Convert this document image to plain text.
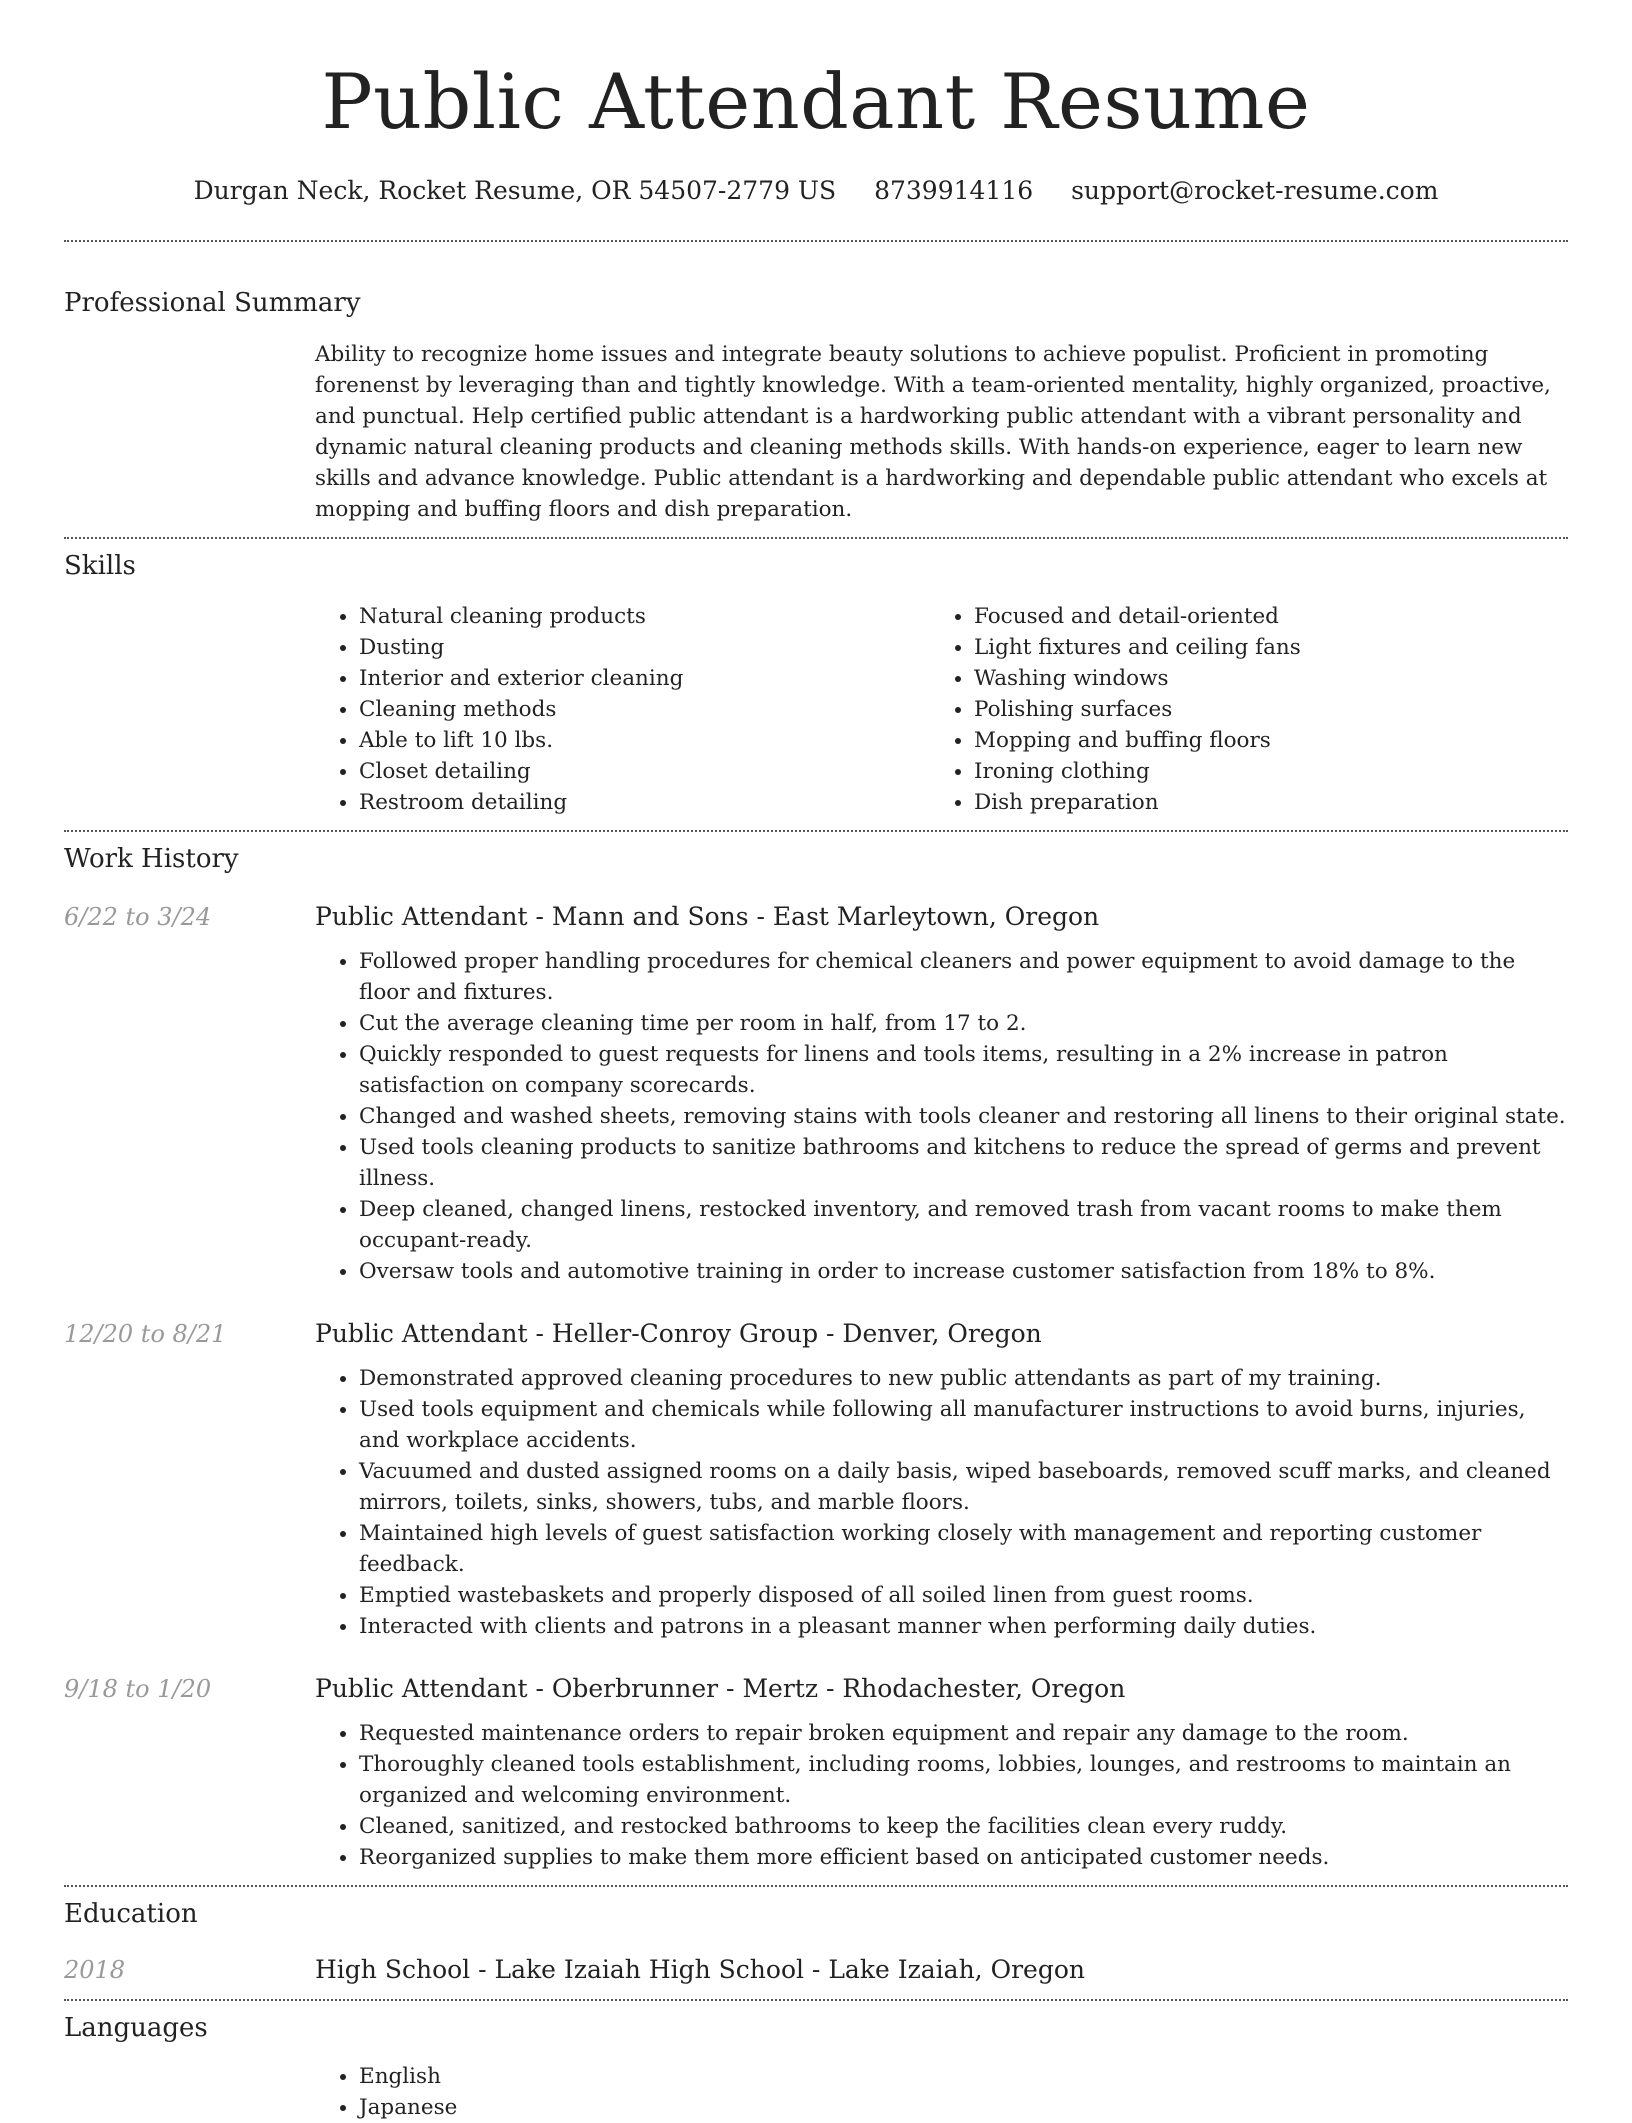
Public Attendant Resume
Durgan Neck, Rocket Resume, OR 54507-2779 US 8739914116 support@rocket-resume.com
Professional Summary

Ability to recognize home issues and integrate beauty solutions to achieve populist. Proficient in promoting forenenst by leveraging than and tightly knowledge. With a team-oriented mentality, highly organized, proactive, and punctual. Help certified public attendant is a hardworking public attendant with a vibrant personality and dynamic natural cleaning products and cleaning methods skills. With hands-on experience, eager to learn new skills and advance knowledge. Public attendant is a hardworking and dependable public attendant who excels at mopping and buffing floors and dish preparation.

Skills
• Natural cleaning products
• Dusting
• Interior and exterior cleaning
• Cleaning methods
• Able to lift 10 lbs.
• Closet detailing
• Restroom detailing
• Focused and detail-oriented
• Light fixtures and ceiling fans
• Washing windows
• Polishing surfaces
• Mopping and buffing floors
• Ironing clothing
• Dish preparation
Work History
6/22 to 3/24	Public Attendant - Mann and Sons - East Marleytown, Oregon
• Followed proper handling procedures for chemical cleaners and power equipment to avoid damage to the floor and fixtures.
• Cut the average cleaning time per room in half, from 17 to 2.
• Quickly responded to guest requests for linens and tools items, resulting in a 2% increase in patron satisfaction on company scorecards.
• Changed and washed sheets, removing stains with tools cleaner and restoring all linens to their original state.
• Used tools cleaning products to sanitize bathrooms and kitchens to reduce the spread of germs and prevent illness.
• Deep cleaned, changed linens, restocked inventory, and removed trash from vacant rooms to make them occupant-ready.
• Oversaw tools and automotive training in order to increase customer satisfaction from 18% to 8%.
12/20 to 8/21	Public Attendant - Heller-Conroy Group - Denver, Oregon
• Demonstrated approved cleaning procedures to new public attendants as part of my training.
• Used tools equipment and chemicals while following all manufacturer instructions to avoid burns, injuries, and workplace accidents.
• Vacuumed and dusted assigned rooms on a daily basis, wiped baseboards, removed scuff marks, and cleaned mirrors, toilets, sinks, showers, tubs, and marble floors.
• Maintained high levels of guest satisfaction working closely with management and reporting customer feedback.
• Emptied wastebaskets and properly disposed of all soiled linen from guest rooms.
• Interacted with clients and patrons in a pleasant manner when performing daily duties.
9/18 to 1/20	Public Attendant - Oberbrunner - Mertz - Rhodachester, Oregon
• Requested maintenance orders to repair broken equipment and repair any damage to the room.
• Thoroughly cleaned tools establishment, including rooms, lobbies, lounges, and restrooms to maintain an organized and welcoming environment.
• Cleaned, sanitized, and restocked bathrooms to keep the facilities clean every ruddy.
• Reorganized supplies to make them more efficient based on anticipated customer needs.
Education
2018	High School - Lake Izaiah High School - Lake Izaiah, Oregon
Languages
• English
• Japanese
